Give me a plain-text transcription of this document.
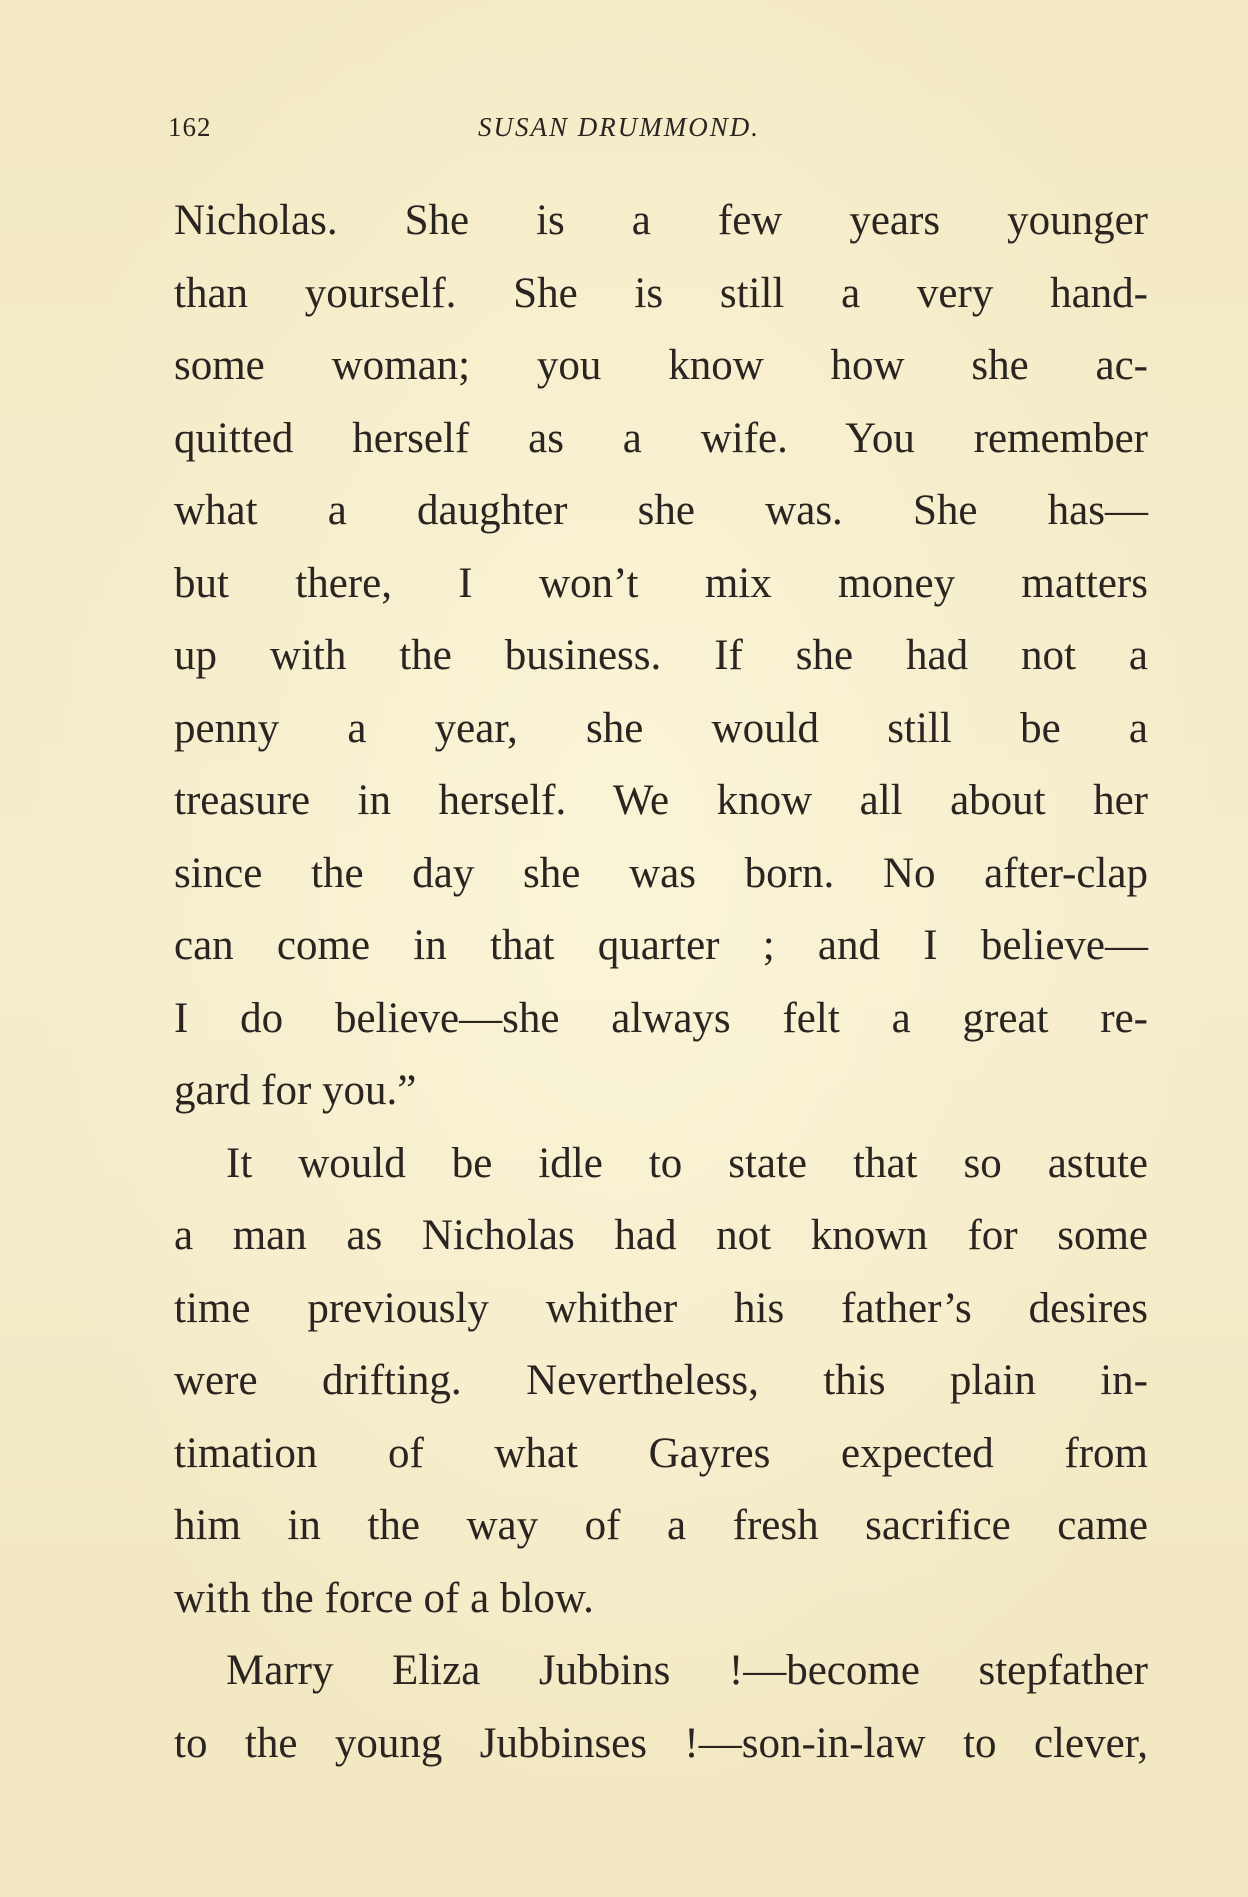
162	SUSAN DRUMMOND.
Nicholas. She is a few years younger
than yourself. She is still a very hand-
some woman; you know how she ac-
quitted herself as a wife. You remember
what a daughter she was. She has—
but there, I won’t mix money matters
up with the business. If she had not a
penny a year, she would still be a
treasure in herself. We know all about her
since the day she was born. No after-clap
can come in that quarter ; and I believe—
I do believe—she always felt a great re-
gard for you.”
It would be idle to state that so astute
a man as Nicholas had not known for some
time previously whither his father’s desires
were drifting. Nevertheless, this plain in-
timation of what Gayres expected from
him in the way of a fresh sacrifice came
with the force of a blow.
Marry Eliza Jubbins !—become stepfather
to the young Jubbinses !—son-in-law to clever,
